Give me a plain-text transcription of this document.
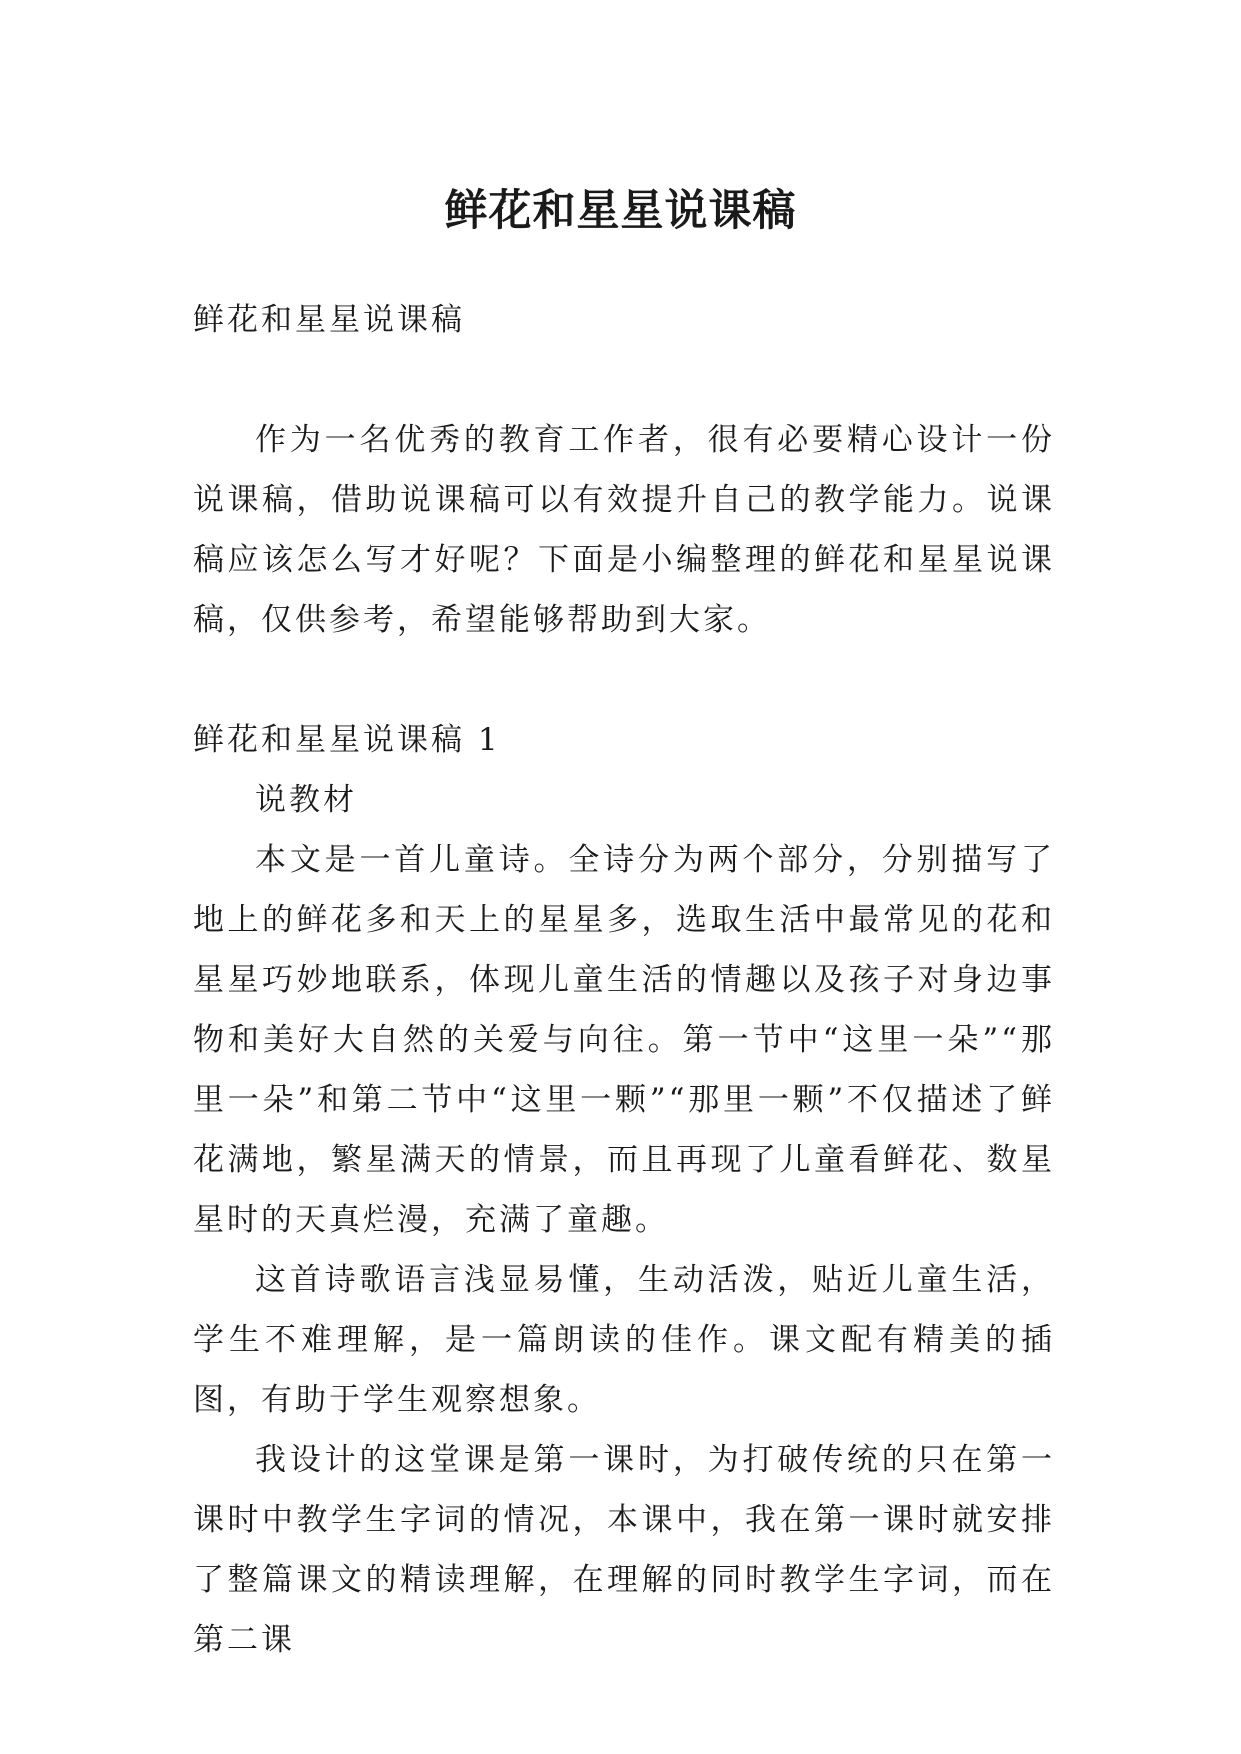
鲜花和星星说课稿

鲜花和星星说课稿

作为一名优秀的教育工作者，很有必要精心设计一份说课稿，借助说课稿可以有效提升自己的教学能力。说课稿应该怎么写才好呢？下面是小编整理的鲜花和星星说课稿，仅供参考，希望能够帮助到大家。

鲜花和星星说课稿 1

说教材

本文是一首儿童诗。全诗分为两个部分，分别描写了地上的鲜花多和天上的星星多，选取生活中最常见的花和星星巧妙地联系，体现儿童生活的情趣以及孩子对身边事物和美好大自然的关爱与向往。第一节中“这里一朵”“那里一朵”和第二节中“这里一颗”“那里一颗”不仅描述了鲜花满地，繁星满天的情景，而且再现了儿童看鲜花、数星星时的天真烂漫，充满了童趣。

这首诗歌语言浅显易懂，生动活泼，贴近儿童生活，学生不难理解，是一篇朗读的佳作。课文配有精美的插图，有助于学生观察想象。

我设计的这堂课是第一课时，为打破传统的只在第一课时中教学生字词的情况，本课中，我在第一课时就安排了整篇课文的精读理解，在理解的同时教学生字词，而在第二课
